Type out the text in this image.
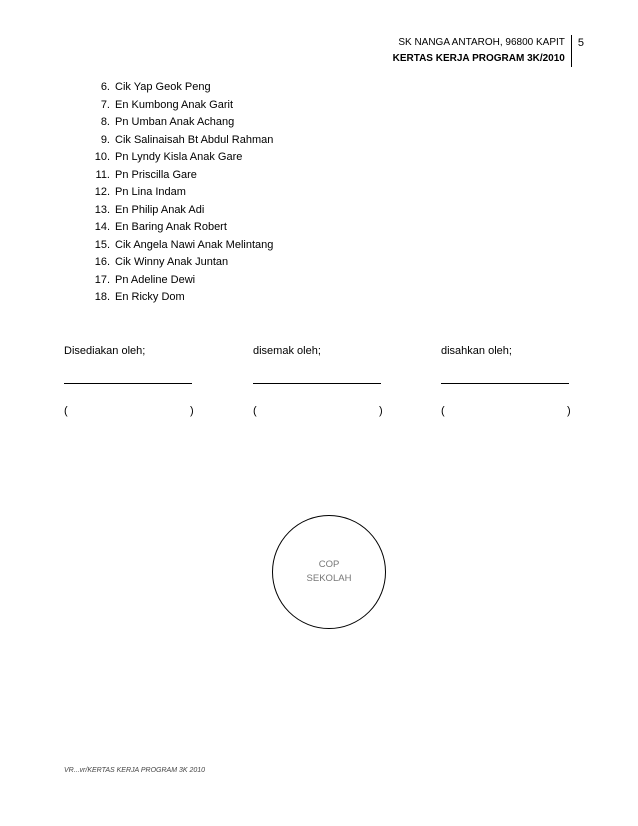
SK NANGA ANTAROH, 96800 KAPIT
KERTAS KERJA PROGRAM 3K/2010
5
6. Cik Yap Geok Peng
7. En Kumbong Anak Garit
8. Pn Umban Anak Achang
9. Cik Salinaisah Bt Abdul Rahman
10. Pn Lyndy Kisla Anak Gare
11. Pn Priscilla Gare
12. Pn Lina Indam
13. En Philip Anak Adi
14. En Baring Anak Robert
15. Cik Angela Nawi Anak Melintang
16. Cik Winny Anak Juntan
17. Pn Adeline Dewi
18. En Ricky Dom
Disediakan oleh;
(	)
disemak oleh;
(	)
disahkan oleh;
(	)
COP
SEKOLAH
VR...vr/KERTAS KERJA PROGRAM 3K 2010
